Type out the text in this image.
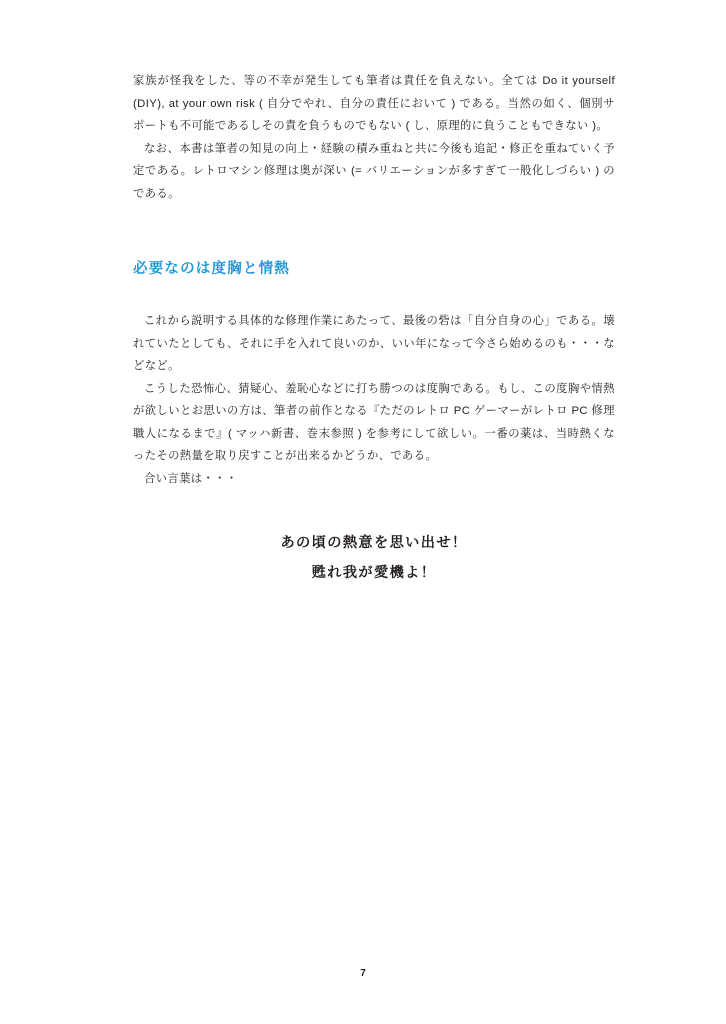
家族が怪我をした、等の不幸が発生しても筆者は責任を負えない。全ては Do it yourself (DIY), at your own risk ( 自分でやれ、自分の責任において ) である。当然の如く、個別サポートも不可能であるしその責を負うものでもない ( し、原理的に負うこともできない )。

なお、本書は筆者の知見の向上・経験の積み重ねと共に今後も追記・修正を重ねていく予定である。レトロマシン修理は奥が深い (= バリエーションが多すぎて一般化しづらい ) のである。

必要なのは度胸と情熱

これから説明する具体的な修理作業にあたって、最後の砦は「自分自身の心」である。壊れていたとしても、それに手を入れて良いのか、いい年になって今さら始めるのも・・・などなど。

こうした恐怖心、猜疑心、羞恥心などに打ち勝つのは度胸である。もし、この度胸や情熱が欲しいとお思いの方は、筆者の前作となる『ただのレトロ PC ゲーマーがレトロ PC 修理職人になるまで』( マッハ新書、巻末参照 ) を参考にして欲しい。一番の薬は、当時熱くなったその熱量を取り戻すことが出来るかどうか、である。

合い言葉は・・・

あの頃の熱意を思い出せ！
甦れ我が愛機よ！
7
